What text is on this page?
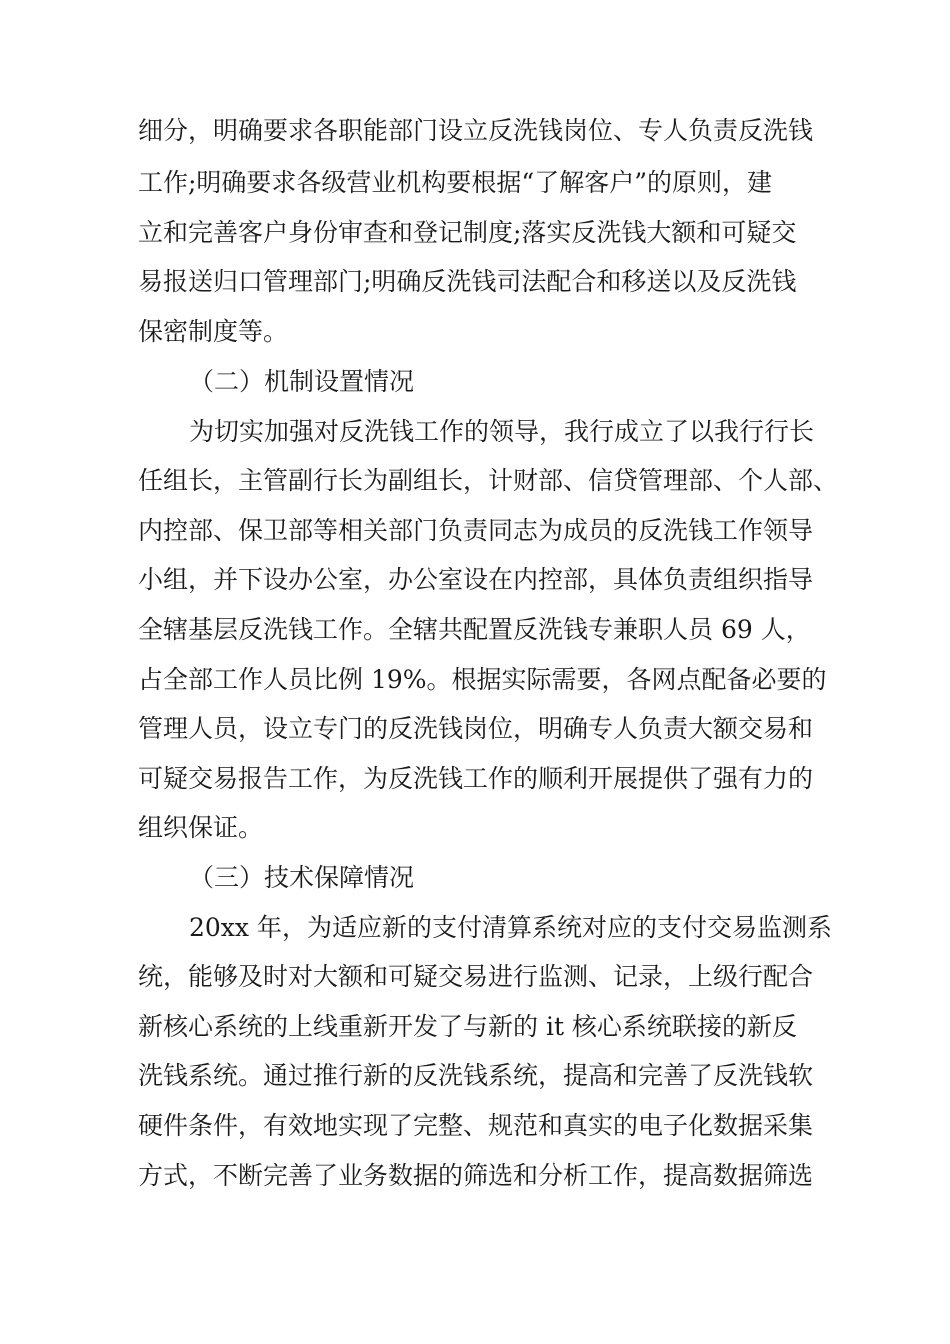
细分，明确要求各职能部门设立反洗钱岗位、专人负责反洗钱
工作;明确要求各级营业机构要根据“了解客户”的原则，建
立和完善客户身份审查和登记制度;落实反洗钱大额和可疑交
易报送归口管理部门;明确反洗钱司法配合和移送以及反洗钱
保密制度等。
（二）机制设置情况
为切实加强对反洗钱工作的领导，我行成立了以我行行长
任组长，主管副行长为副组长，计财部、信贷管理部、个人部、
内控部、保卫部等相关部门负责同志为成员的反洗钱工作领导
小组，并下设办公室，办公室设在内控部，具体负责组织指导
全辖基层反洗钱工作。全辖共配置反洗钱专兼职人员 69 人，
占全部工作人员比例 19%。根据实际需要，各网点配备必要的
管理人员，设立专门的反洗钱岗位，明确专人负责大额交易和
可疑交易报告工作，为反洗钱工作的顺利开展提供了强有力的
组织保证。
（三）技术保障情况
20xx 年，为适应新的支付清算系统对应的支付交易监测系
统，能够及时对大额和可疑交易进行监测、记录，上级行配合
新核心系统的上线重新开发了与新的 it 核心系统联接的新反
洗钱系统。通过推行新的反洗钱系统，提高和完善了反洗钱软
硬件条件，有效地实现了完整、规范和真实的电子化数据采集
方式，不断完善了业务数据的筛选和分析工作，提高数据筛选
